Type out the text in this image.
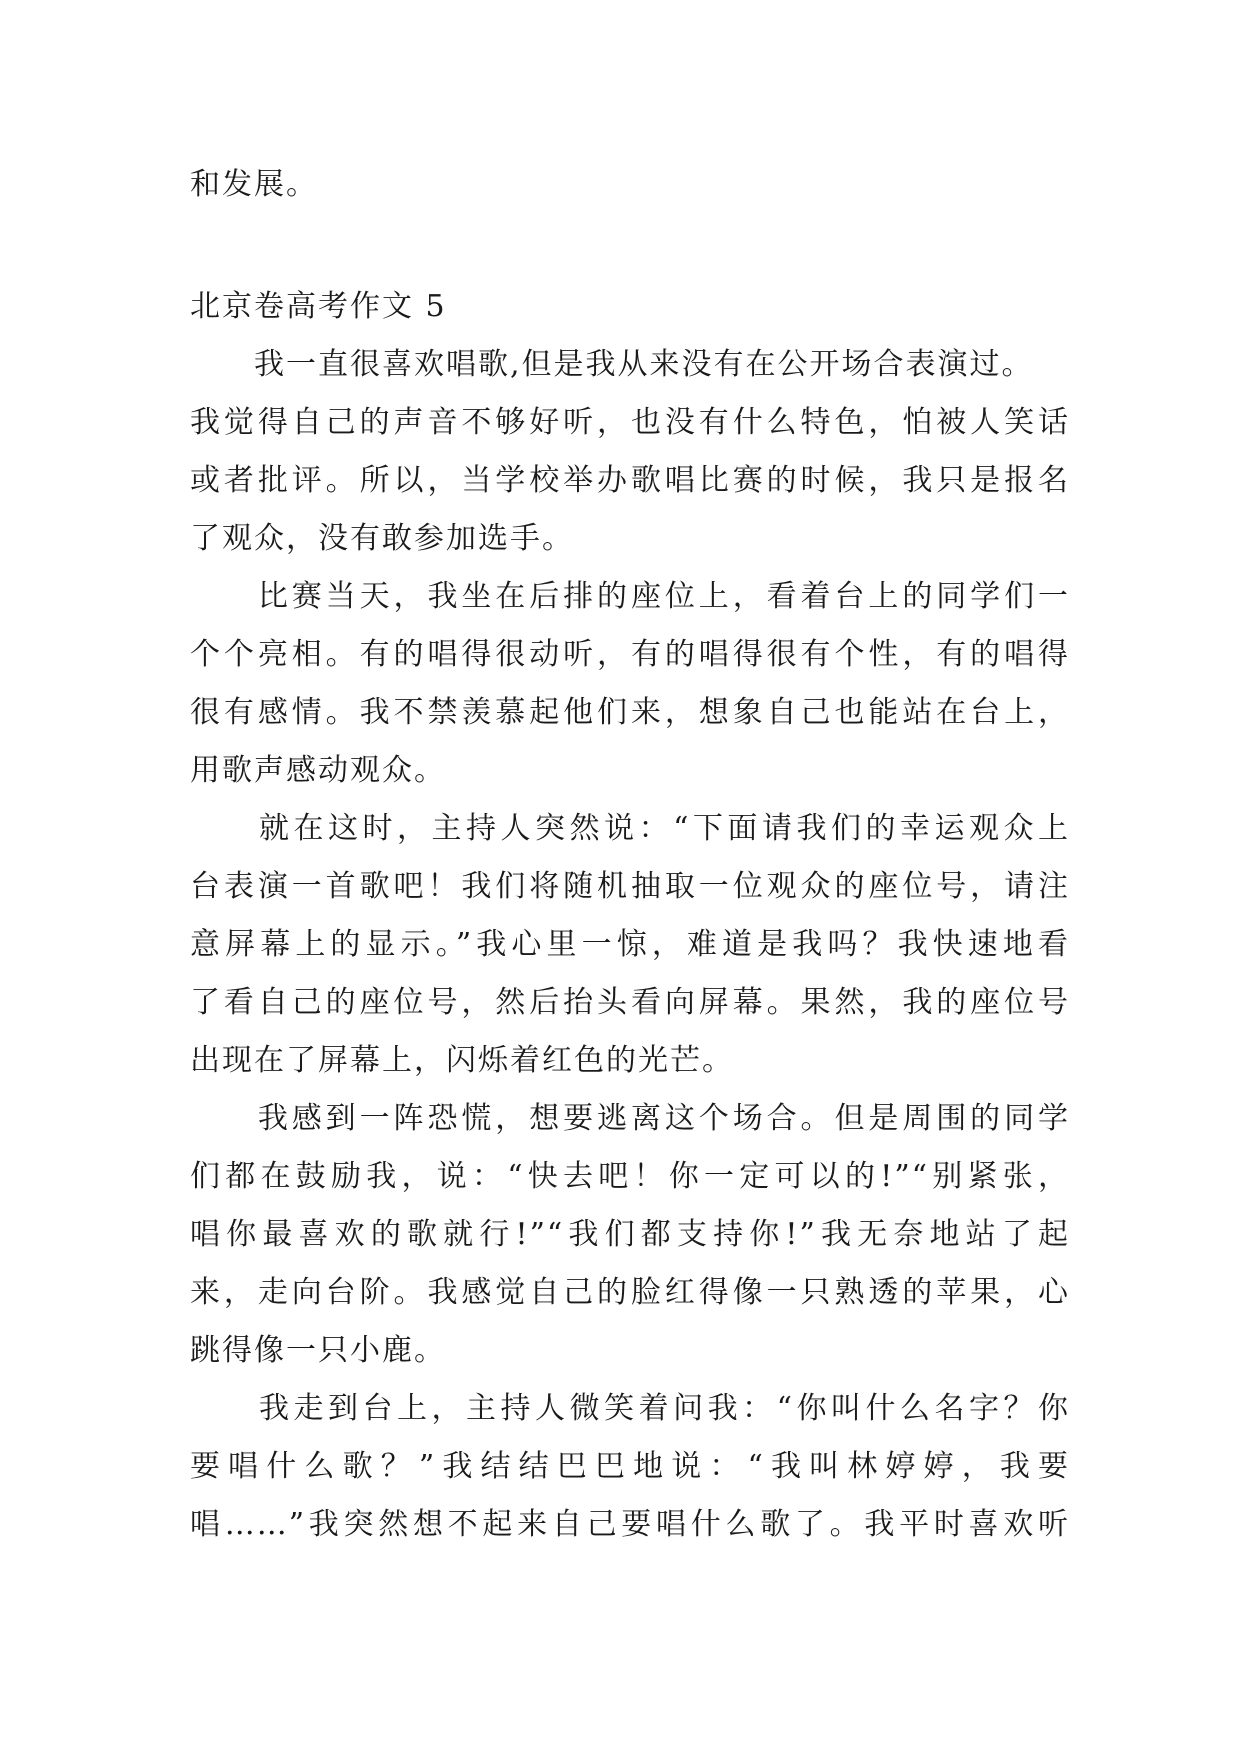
和发展。
北京卷高考作文 5
　　我一直很喜欢唱歌,但是我从来没有在公开场合表演过。
我觉得自己的声音不够好听，也没有什么特色，怕被人笑话
或者批评。所以，当学校举办歌唱比赛的时候，我只是报名
了观众，没有敢参加选手。
　　比赛当天，我坐在后排的座位上，看着台上的同学们一
个个亮相。有的唱得很动听，有的唱得很有个性，有的唱得
很有感情。我不禁羡慕起他们来，想象自己也能站在台上，
用歌声感动观众。
　　就在这时，主持人突然说：“下面请我们的幸运观众上
台表演一首歌吧！我们将随机抽取一位观众的座位号，请注
意屏幕上的显示。”我心里一惊，难道是我吗？我快速地看
了看自己的座位号，然后抬头看向屏幕。果然，我的座位号
出现在了屏幕上，闪烁着红色的光芒。
　　我感到一阵恐慌，想要逃离这个场合。但是周围的同学
们都在鼓励我，说：“快去吧！你一定可以的!”“别紧张，
唱你最喜欢的歌就行!”“我们都支持你!”我无奈地站了起
来，走向台阶。我感觉自己的脸红得像一只熟透的苹果，心
跳得像一只小鹿。
　　我走到台上，主持人微笑着问我：“你叫什么名字？你
要唱什么歌？”我结结巴巴地说：“我叫林婷婷，我要
唱……”我突然想不起来自己要唱什么歌了。我平时喜欢听
